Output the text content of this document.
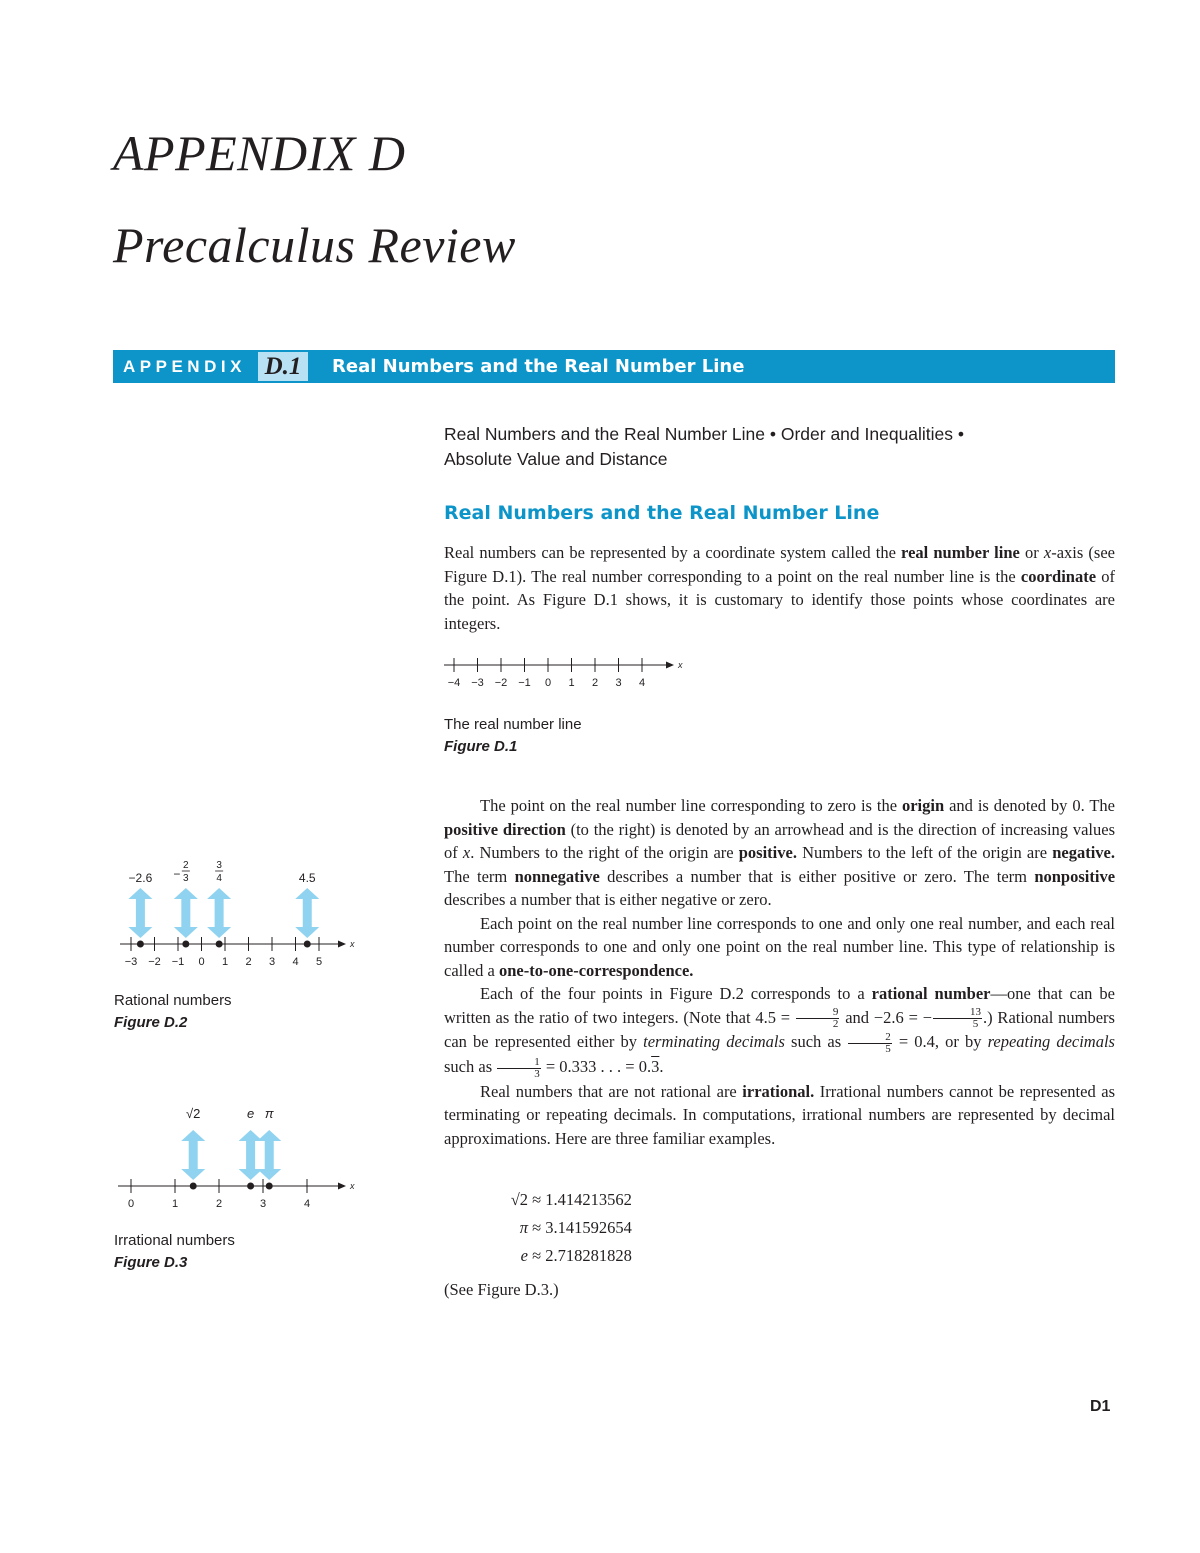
APPENDIX D
Precalculus Review
APPENDIX D.1	Real Numbers and the Real Number Line
Real Numbers and the Real Number Line • Order and Inequalities •
Absolute Value and Distance
Real Numbers and the Real Number Line

Real numbers can be represented by a coordinate system called the real number line or x-axis (see Figure D.1). The real number corresponding to a point on the real number line is the coordinate of the point. As Figure D.1 shows, it is customary to identify those points whose coordinates are integers.

x
−4 −3 −2 −1 0 1 2 3 4
The real number line
Figure D.1
x
−3 −2 −1 0 1 2 3 4 5
−2.6 −
2
3
3
4	4.5
Rational numbers
Figure D.2
x
0	1	2	3	4
√2	e π
Irrational numbers
Figure D.3

The point on the real number line corresponding to zero is the origin and is denoted by 0. The positive direction (to the right) is denoted by an arrowhead and is the direction of increasing values of x. Numbers to the right of the origin are positive. Numbers to the left of the origin are negative. The term nonnegative describes a number that is either positive or zero. The term nonpositive describes a number that is either negative or zero.

Each point on the real number line corresponds to one and only one real number, and each real number corresponds to one and only one point on the real number line. This type of relationship is called a one-to-one-correspondence.

Each of the four points in Figure D.2 corresponds to a rational number—one that can be written as the ratio of two integers. (Note that $4.5 = \frac{9}{2}$ and −2.6 = − $\frac{13}{5}$ .) Rational numbers can be represented either by terminating decimals such as $\frac{2}{5} = 0.4$, or by repeating decimals such as $\frac{1}{3} = 0.333$ . . . = 0.3.

Real numbers that are not rational are irrational. Irrational numbers cannot be represented as terminating or repeating decimals. In computations, irrational numbers are represented by decimal approximations. Here are three familiar examples.

√2 ≈ 1.414213562
π ≈ 3.141592654
e ≈ 2.718281828
(See Figure D.3.)
D1
